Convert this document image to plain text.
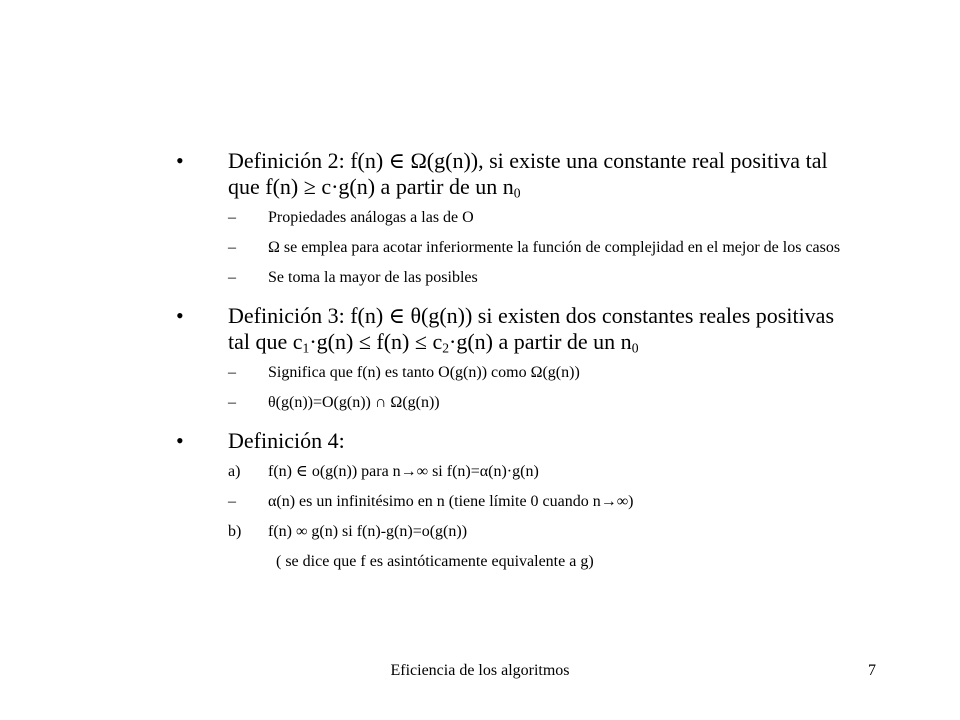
•	Definición 2: f(n) ∈ Ω(g(n)), si existe una constante real positiva tal que f(n) ≥ c·g(n) a partir de un $n_0$
–	Propiedades análogas a las de O
–	Ω se emplea para acotar inferiormente la función de complejidad en el mejor de los casos
–	Se toma la mayor de las posibles
•	Definición 3: f(n) ∈ θ(g(n)) si existen dos constantes reales positivas tal que $c_1\cdot g(n) \le f(n) \le c_2\cdot g(n)$ a partir de un $n_0$
–	Significa que f(n) es tanto O(g(n)) como Ω(g(n))
–	θ(g(n))=O(g(n)) ∩ Ω(g(n))
•	Definición 4:
a)	f(n) ∈ o(g(n)) para n→∞ si f(n)=α(n)·g(n)
–	α(n) es un infinitésimo en n (tiene límite 0 cuando n→∞)
b)	f(n) ∞ g(n) si f(n)-g(n)=o(g(n))
( se dice que f es asintóticamente equivalente a g)
Eficiencia de los algoritmos	7
